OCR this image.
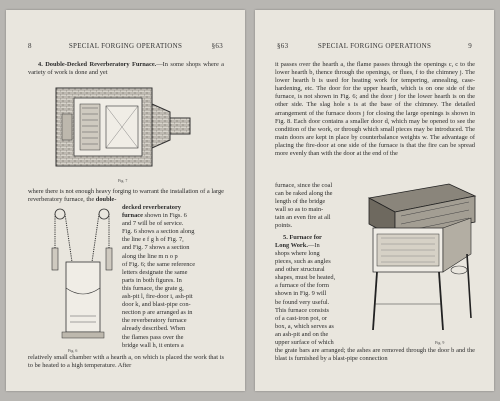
8	SPECIAL FORGING OPERATIONS	§63

4. Double-Decked Reverberatory Furnace.—In some shops where a variety of work is done and yet

Fig. 7

where there is not enough heavy forging to warrant the installation of a large reverberatory furnace, the double-

decked reverberatory

furnace shown in Figs. 6

and 7 will be of service.

Fig. 6 shows a section along

the line e f g h of Fig. 7,

and Fig. 7 shows a section

along the line m n o p

of Fig. 6; the same reference

letters designate the same

parts in both figures. In

this furnace, the grate g,

ash-pit l, fire-door i, ash-pit

door k, and blast-pipe con-

nection p are arranged as in

the reverberatory furnace

already described. When

the flames pass over the

bridge wall h, it enters a

Fig. 6

relatively small chamber with a hearth a, on which is placed the work that is to be heated to a high temperature. After

§63	SPECIAL FORGING OPERATIONS	9

it passes over the hearth a, the flame passes through the openings c, c to the lower hearth b, thence through the openings, or flues, f to the chimney j. The lower hearth b is used for heating work for tempering, annealing, case-hardening, etc. The door for the upper hearth, which is on one side of the furnace, is not shown in Fig. 6; and the door j for the lower hearth is on the other side. The slag hole s is at the base of the chimney. The detailed arrangement of the furnace doors j for closing the large openings is shown in Fig. 8. Each door contains a smaller door d, which may be opened to see the condition of the work, or through which small pieces may be introduced. The main doors are kept in place by counterbalance weights w. The advantage of placing the fire-door at one side of the furnace is that the fire can be spread more evenly than with the door at the end of the

furnace, since the coal

can be raked along the

length of the bridge

wall so as to main-

tain an even fire at all

points.

5. Furnace for

Long Work.—In

shops where long

pieces, such as angles

and other structural

shapes, must be heated,

a furnace of the form

shown in Fig. 9 will

be found very useful.

This furnace consists

of a cast-iron pot, or

box, a, which serves as

an ash-pit and on the

upper surface of which	Fig. 9

the grate bars are arranged; the ashes are removed through the door b and the blast is furnished by a blast-pipe connection
